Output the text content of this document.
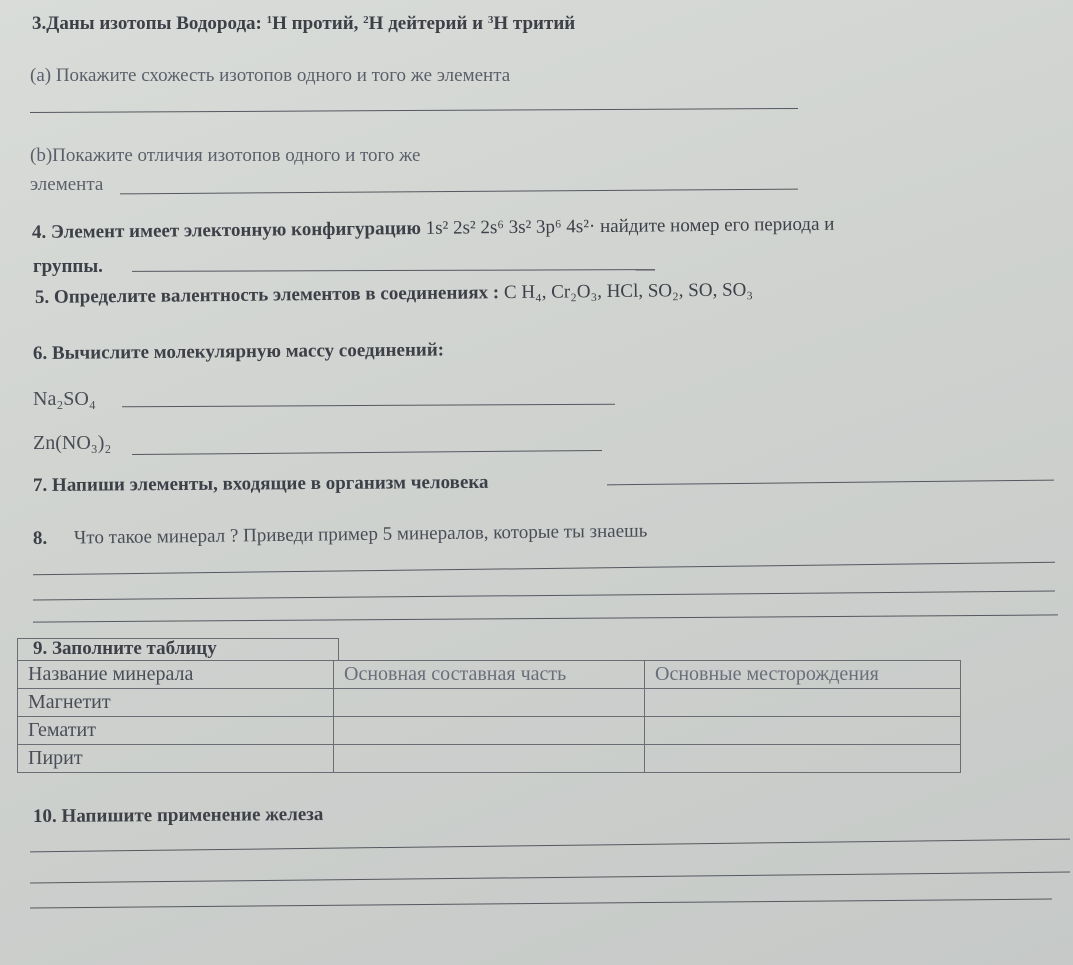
3.Даны изотопы Водорода: $^1$Н протий, $^2$Н дейтерий и $^3$Н тритий
(a) Покажите схожесть изотопов одного и того же элемента
(b)Покажите отличия изотопов одного и того же
элемента
4. Элемент имеет электонную конфигурацию 1s² 2s² 2s⁶ 3s² 3p⁶ 4s²· найдите номер его периода и
группы.
5. Определите валентность элементов в соединениях : C H₄, Cr₂O₃, HCl, SO₂, SO, SO₃
6. Вычислите молекулярную массу соединений:
Na₂SO₄
Zn(NO₃)₂
7. Напиши элементы, входящие в организм человека
8. Что такое минерал ? Приведи пример 5 минералов, которые ты знаешь
9. Заполните таблицу
Название минерала	Основная составная часть	Основные месторождения
Магнетит		
Гематит		
Пирит		
10. Напишите применение железа
